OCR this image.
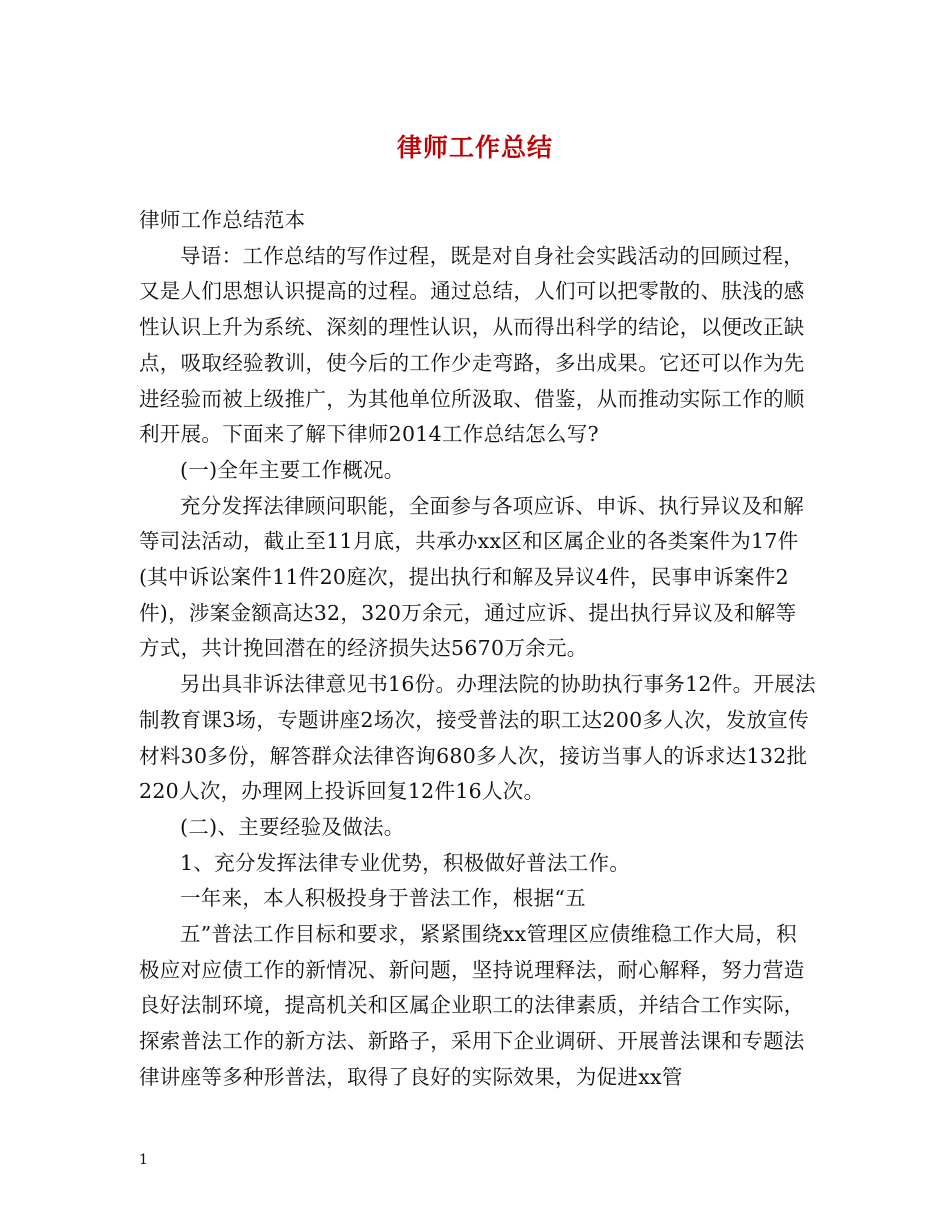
律师工作总结

律师工作总结范本

导语：工作总结的写作过程，既是对自身社会实践活动的回顾过程，又是人们思想认识提高的过程。通过总结，人们可以把零散的、肤浅的感性认识上升为系统、深刻的理性认识，从而得出科学的结论，以便改正缺点，吸取经验教训，使今后的工作少走弯路，多出成果。它还可以作为先进经验而被上级推广，为其他单位所汲取、借鉴，从而推动实际工作的顺利开展。下面来了解下律师2014工作总结怎么写?

(一)全年主要工作概况。

充分发挥法律顾问职能，全面参与各项应诉、申诉、执行异议及和解等司法活动，截止至11月底，共承办xx区和区属企业的各类案件为17件(其中诉讼案件11件20庭次，提出执行和解及异议4件，民事申诉案件2件)，涉案金额高达32，320万余元，通过应诉、提出执行异议及和解等方式，共计挽回潜在的经济损失达5670万余元。

另出具非诉法律意见书16份。办理法院的协助执行事务12件。开展法制教育课3场，专题讲座2场次，接受普法的职工达200多人次，发放宣传材料30多份，解答群众法律咨询680多人次，接访当事人的诉求达132批220人次，办理网上投诉回复12件16人次。

(二)、主要经验及做法。

1、充分发挥法律专业优势，积极做好普法工作。

一年来，本人积极投身于普法工作，根据“五

五”普法工作目标和要求，紧紧围绕xx管理区应债维稳工作大局，积极应对应债工作的新情况、新问题，坚持说理释法，耐心解释，努力营造良好法制环境，提高机关和区属企业职工的法律素质，并结合工作实际，探索普法工作的新方法、新路子，采用下企业调研、开展普法课和专题法律讲座等多种形普法，取得了良好的实际效果，为促进xx管

1
